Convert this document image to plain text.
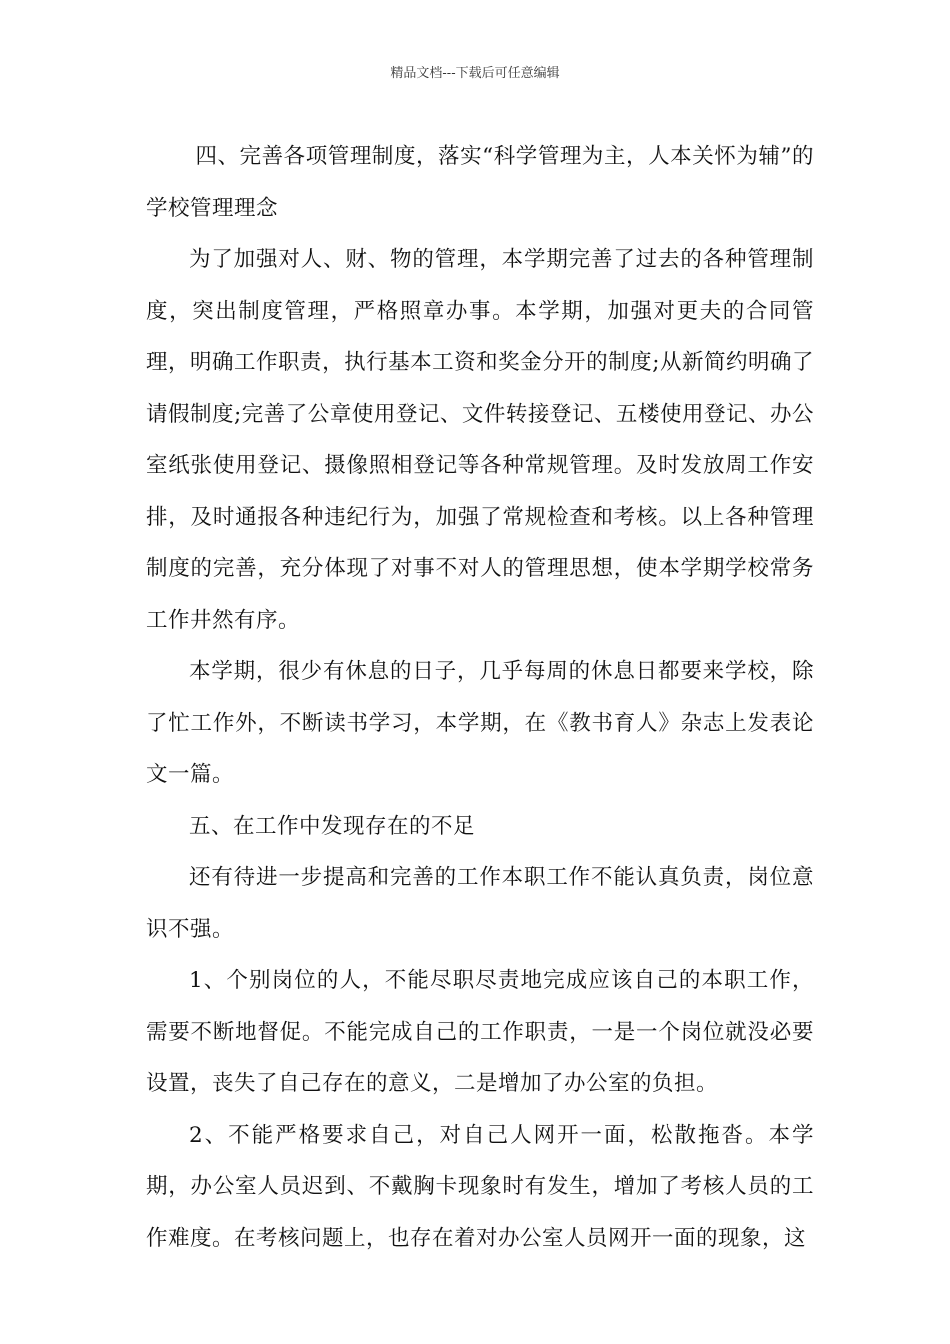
精品文档---下载后可任意编辑

四、完善各项管理制度，落实“科学管理为主，人本关怀为辅”的学校管理理念

为了加强对人、财、物的管理，本学期完善了过去的各种管理制度，突出制度管理，严格照章办事。本学期，加强对更夫的合同管理，明确工作职责，执行基本工资和奖金分开的制度;从新简约明确了请假制度;完善了公章使用登记、文件转接登记、五楼使用登记、办公室纸张使用登记、摄像照相登记等各种常规管理。及时发放周工作安排，及时通报各种违纪行为，加强了常规检查和考核。以上各种管理制度的完善，充分体现了对事不对人的管理思想，使本学期学校常务工作井然有序。

本学期，很少有休息的日子，几乎每周的休息日都要来学校，除了忙工作外，不断读书学习，本学期，在《教书育人》杂志上发表论文一篇。

五、在工作中发现存在的不足

还有待进一步提高和完善的工作本职工作不能认真负责，岗位意识不强。

1、个别岗位的人，不能尽职尽责地完成应该自己的本职工作，需要不断地督促。不能完成自己的工作职责，一是一个岗位就没必要设置，丧失了自己存在的意义，二是增加了办公室的负担。

2、不能严格要求自己，对自己人网开一面，松散拖沓。本学期，办公室人员迟到、不戴胸卡现象时有发生，增加了考核人员的工作难度。在考核问题上，也存在着对办公室人员网开一面的现象，这
